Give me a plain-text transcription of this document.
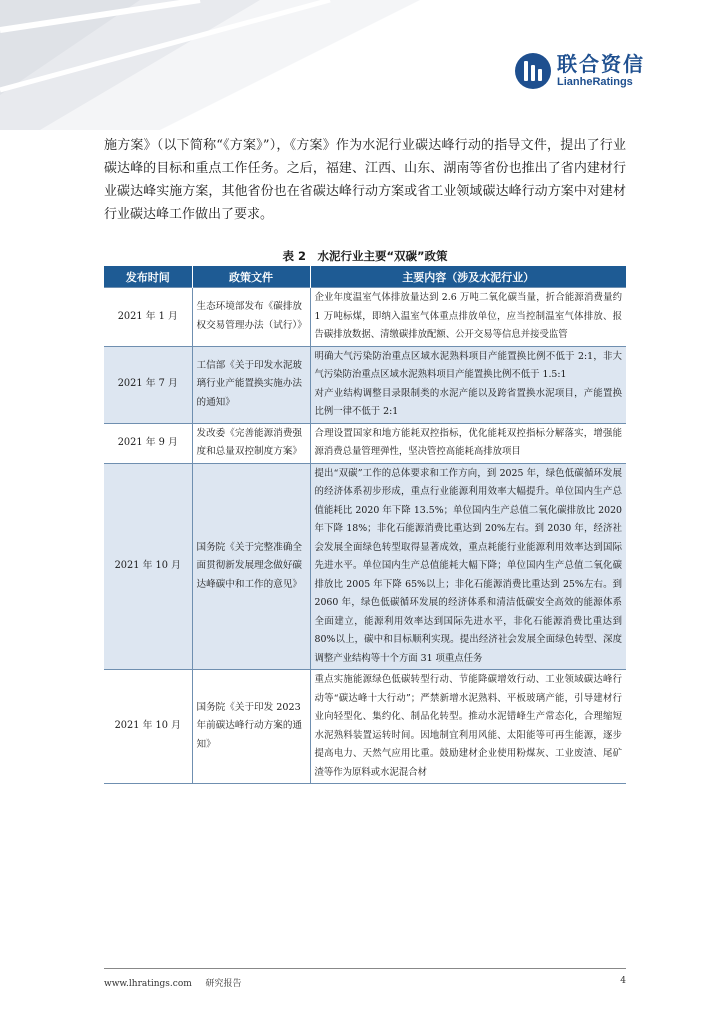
联合资信
LianheRatings
施方案》（以下简称“《方案》”），《方案》作为水泥行业碳达峰行动的指导文件，提出了行业碳达峰的目标和重点工作任务。之后，福建、江西、山东、湖南等省份也推出了省内建材行业碳达峰实施方案，其他省份也在省碳达峰行动方案或省工业领域碳达峰行动方案中对建材行业碳达峰工作做出了要求。
表 2　水泥行业主要“双碳”政策
发布时间	政策文件	主要内容（涉及水泥行业）
2021 年 1 月	生态环境部发布《碳排放权交易管理办法（试行）》	企业年度温室气体排放量达到 2.6 万吨二氧化碳当量，折合能源消费量约 1 万吨标煤，即纳入温室气体重点排放单位，应当控制温室气体排放、报告碳排放数据、清缴碳排放配额、公开交易等信息并接受监管
2021 年 7 月	工信部《关于印发水泥玻璃行业产能置换实施办法的通知》	明确大气污染防治重点区域水泥熟料项目产能置换比例不低于 2:1，非大气污染防治重点区域水泥熟料项目产能置换比例不低于 1.5:1
对产业结构调整目录限制类的水泥产能以及跨省置换水泥项目，产能置换比例一律不低于 2:1
2021 年 9 月	发改委《完善能源消费强度和总量双控制度方案》	合理设置国家和地方能耗双控指标，优化能耗双控指标分解落实，增强能源消费总量管理弹性，坚决管控高能耗高排放项目
2021 年 10 月	国务院《关于完整准确全面贯彻新发展理念做好碳达峰碳中和工作的意见》	提出“双碳”工作的总体要求和工作方向，到 2025 年，绿色低碳循环发展的经济体系初步形成，重点行业能源利用效率大幅提升。单位国内生产总值能耗比 2020 年下降 13.5%；单位国内生产总值二氧化碳排放比 2020 年下降 18%；非化石能源消费比重达到 20%左右。到 2030 年，经济社会发展全面绿色转型取得显著成效，重点耗能行业能源利用效率达到国际先进水平。单位国内生产总值能耗大幅下降；单位国内生产总值二氧化碳排放比 2005 年下降 65%以上；非化石能源消费比重达到 25%左右。到 2060 年，绿色低碳循环发展的经济体系和清洁低碳安全高效的能源体系全面建立，能源利用效率达到国际先进水平，非化石能源消费比重达到 80%以上，碳中和目标顺利实现。提出经济社会发展全面绿色转型、深度调整产业结构等十个方面 31 项重点任务
2021 年 10 月	国务院《关于印发 2023 年前碳达峰行动方案的通知》	重点实施能源绿色低碳转型行动、节能降碳增效行动、工业领域碳达峰行动等“碳达峰十大行动”；严禁新增水泥熟料、平板玻璃产能，引导建材行业向轻型化、集约化、制品化转型。推动水泥错峰生产常态化，合理缩短水泥熟料装置运转时间。因地制宜利用风能、太阳能等可再生能源，逐步提高电力、天然气应用比重。鼓励建材企业使用粉煤灰、工业废渣、尾矿渣等作为原料或水泥混合材
www.lhratings.com 研究报告	4
